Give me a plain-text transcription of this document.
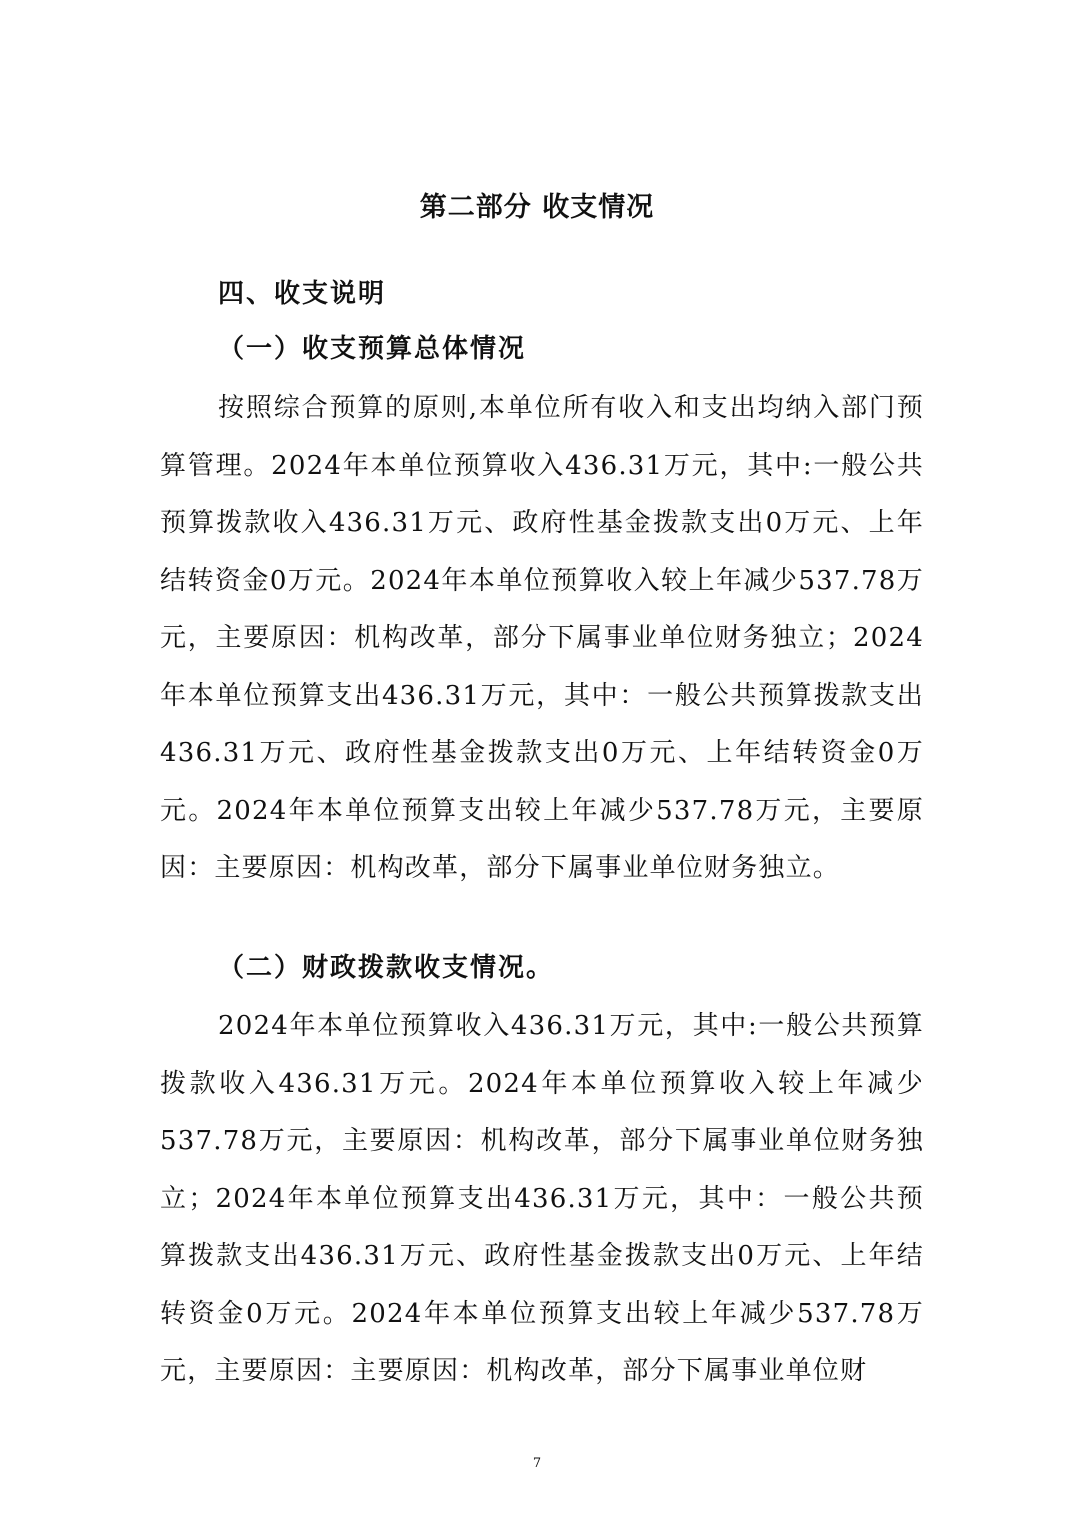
第二部分 收支情况
四、收支说明
（一）收支预算总体情况
按照综合预算的原则,本单位所有收入和支出均纳入部门预算管理。2024年本单位预算收入436.31万元，其中:一般公共预算拨款收入436.31万元、政府性基金拨款支出0万元、上年结转资金0万元。2024年本单位预算收入较上年减少537.78万元，主要原因：机构改革，部分下属事业单位财务独立；2024年本单位预算支出436.31万元，其中：一般公共预算拨款支出436.31万元、政府性基金拨款支出0万元、上年结转资金0万元。2024年本单位预算支出较上年减少537.78万元，主要原因：主要原因：机构改革，部分下属事业单位财务独立。
（二）财政拨款收支情况。
2024年本单位预算收入436.31万元，其中:一般公共预算拨款收入436.31万元。2024年本单位预算收入较上年减少537.78万元，主要原因：机构改革，部分下属事业单位财务独立；2024年本单位预算支出436.31万元，其中：一般公共预算拨款支出436.31万元、政府性基金拨款支出0万元、上年结转资金0万元。2024年本单位预算支出较上年减少537.78万元，主要原因：主要原因：机构改革，部分下属事业单位财
7
